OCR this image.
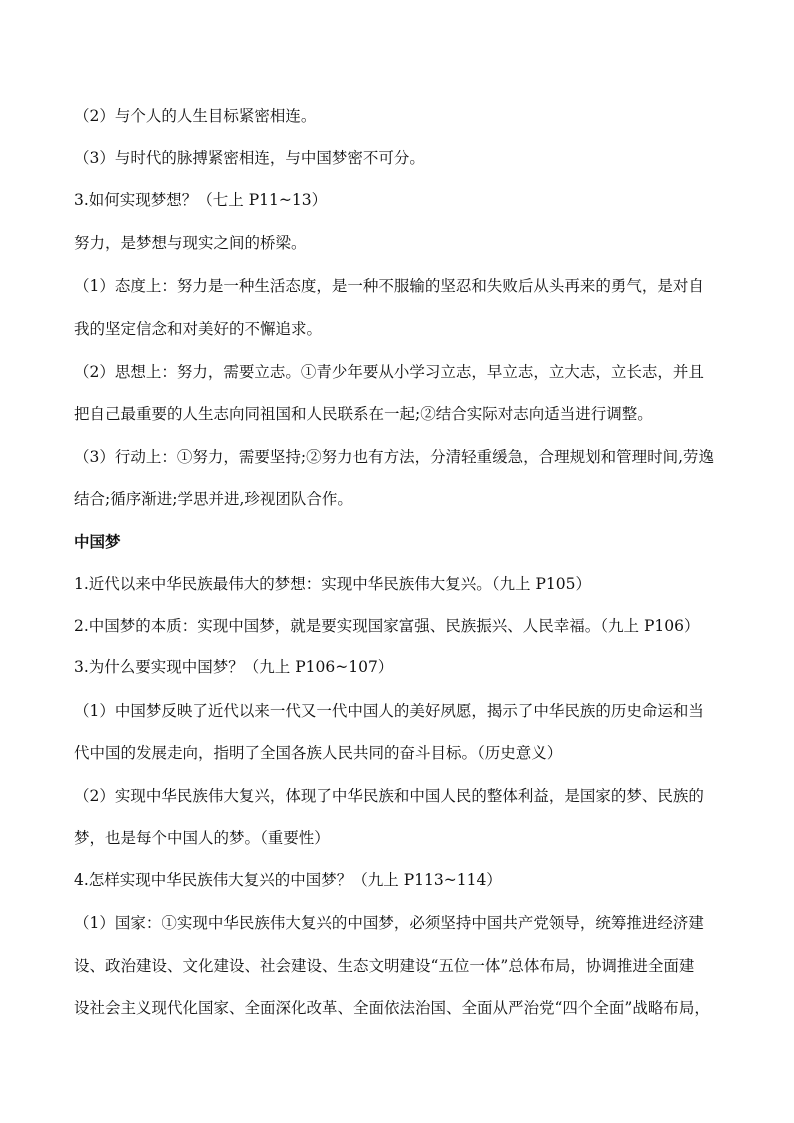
（2）与个人的人生目标紧密相连。
（3）与时代的脉搏紧密相连，与中国梦密不可分。
3.如何实现梦想？（七上 P11~13）
努力，是梦想与现实之间的桥梁。
（1）态度上：努力是一种生活态度，是一种不服输的坚忍和失败后从头再来的勇气，是对自
我的坚定信念和对美好的不懈追求。
（2）思想上：努力，需要立志。①青少年要从小学习立志，早立志，立大志，立长志，并且
把自己最重要的人生志向同祖国和人民联系在一起;②结合实际对志向适当进行调整。
（3）行动上：①努力，需要坚持;②努力也有方法，分清轻重缓急，合理规划和管理时间,劳逸
结合;循序渐进;学思并进,珍视团队合作。
中国梦
1.近代以来中华民族最伟大的梦想：实现中华民族伟大复兴。（九上 P105）
2.中国梦的本质：实现中国梦，就是要实现国家富强、民族振兴、人民幸福。（九上 P106）
3.为什么要实现中国梦？（九上 P106~107）
（1）中国梦反映了近代以来一代又一代中国人的美好夙愿，揭示了中华民族的历史命运和当
代中国的发展走向，指明了全国各族人民共同的奋斗目标。（历史意义）
（2）实现中华民族伟大复兴，体现了中华民族和中国人民的整体利益，是国家的梦、民族的
梦，也是每个中国人的梦。（重要性）
4.怎样实现中华民族伟大复兴的中国梦？（九上 P113~114）
（1）国家：①实现中华民族伟大复兴的中国梦，必须坚持中国共产党领导，统筹推进经济建
设、政治建设、文化建设、社会建设、生态文明建设“五位一体”总体布局，协调推进全面建
设社会主义现代化国家、全面深化改革、全面依法治国、全面从严治党“四个全面”战略布局，
